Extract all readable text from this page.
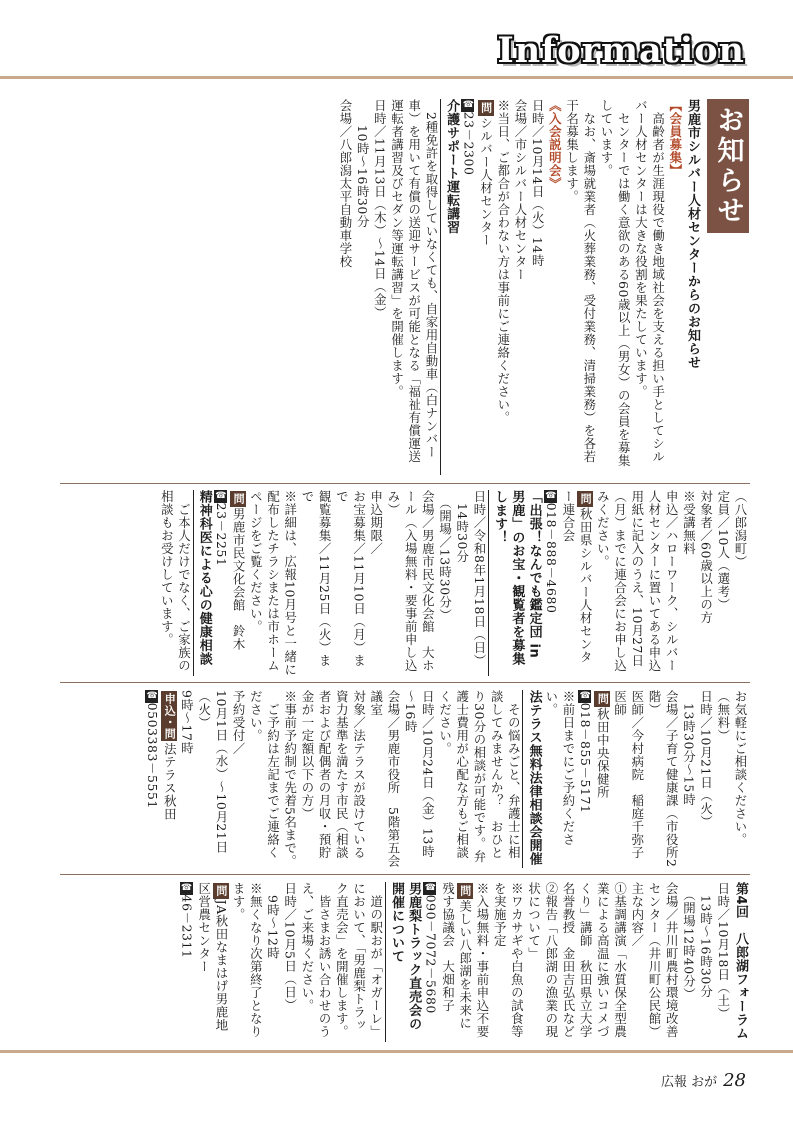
Information
お知らせ

男鹿市シルバー人材センターからのお知らせ

【会員募集】

　高齢者が生涯現役で働き地域社会を支える担い手としてシルバー人材センターは大きな役割を果たしています。

　センターでは働く意欲のある60歳以上（男女）の会員を募集しています。

　なお、斎場就業者（火葬業務、受付業務、清掃業務）を各若干名募集します。

《入会説明会》

日時／10月14日（火）14時

会場／市シルバー人材センター

※当日、ご都合が合わない方は事前にご連絡ください。

問シルバー人材センター

☎23－2300

介護サポート運転講習

　2種免許を取得していなくても、自家用自動車（白ナンバー車）を用いて有償の送迎サービスが可能となる「福祉有償運送運転者講習及びセダン等運転講習」を開催します。

日時／11月13日（木）～14日（金）

　　10時～16時30分

会場／八郎潟太平自動車学校

（八郎潟町）

定員／10人（選考）

対象者／60歳以上の方

※受講無料

申込／ハローワーク、シルバー人材センターに置いてある申込用紙に記入のうえ、10月27日（月）までに連合会にお申し込みください。

問秋田県シルバー人材センター連合会

☎018－888－4680

「出張！なんでも鑑定団 in 男鹿」のお宝・観覧者を募集します！

日時／令和8年1月18日（日）

　14時30分

　（開場／13時30分）

会場／男鹿市民文化会館　大ホール（入場無料・要事前申し込み）

申込期限／

お宝募集／11月10日（月）まで

観覧募集／11月25日（火）まで

※詳細は、広報10月号と一緒に配布したチラシまたは市ホームページをご覧ください。

問男鹿市民文化会館　鈴木

☎23－2251

精神科医による心の健康相談

　ご本人だけでなく、ご家族の相談もお受けしています。

お気軽にご相談ください。

（無料）

日時／10月21日（火）

　13時30分～15時

会場／子育て健康課（市役所2階）

医師／今村病院　稲庭千弥子医師

問秋田中央保健所

☎018－855－5171

※前日までにご予約ください。

法テラス無料法律相談会開催

　その悩みごと、弁護士に相談してみませんか？　おひとり30分の相談が可能です。弁護士費用が心配な方もご相談ください。

日時／10月24日（金）13時～16時

会場／男鹿市役所　5階第五会議室

対象／法テラスが設けている資力基準を満たす市民（相談者および配偶者の月収・預貯金が一定額以下の方）

※事前予約制で先着5名まで。

　ご予約は左記までご連絡ください。

予約受付／

10月1日（水）～10月21日（火）

9時～17時

申込・問法テラス秋田

☎0503383－5551

第4回　八郎湖フォーラム

日時／10月18日（土）

　13時～16時30分

　（開場12時40分）

会場／井川町農村環境改善センター（井川町公民館）

主な内容／

①基調講演「水質保全型農業による高温に強いコメづくり」講師　秋田県立大学名誉教授　金田吉弘氏など

②報告「八郎湖の漁業の現状について」

※ワカサギや白魚の試食等を実施予定

※入場無料・事前申込不要

問美しい八郎湖を未来に残す協議会　大畑和子

☎090－7072－5680

男鹿梨トラック直売会の開催について

　道の駅おが「オガーレ」において、「男鹿梨トラック直売会」を開催します。

　皆さまお誘い合わせのうえ、ご来場ください。

日時／10月5日（日）

　9時～12時

※無くなり次第終了となります。

問JA秋田なまはげ男鹿地区営農センター

☎46－2311

広報 おが 28
